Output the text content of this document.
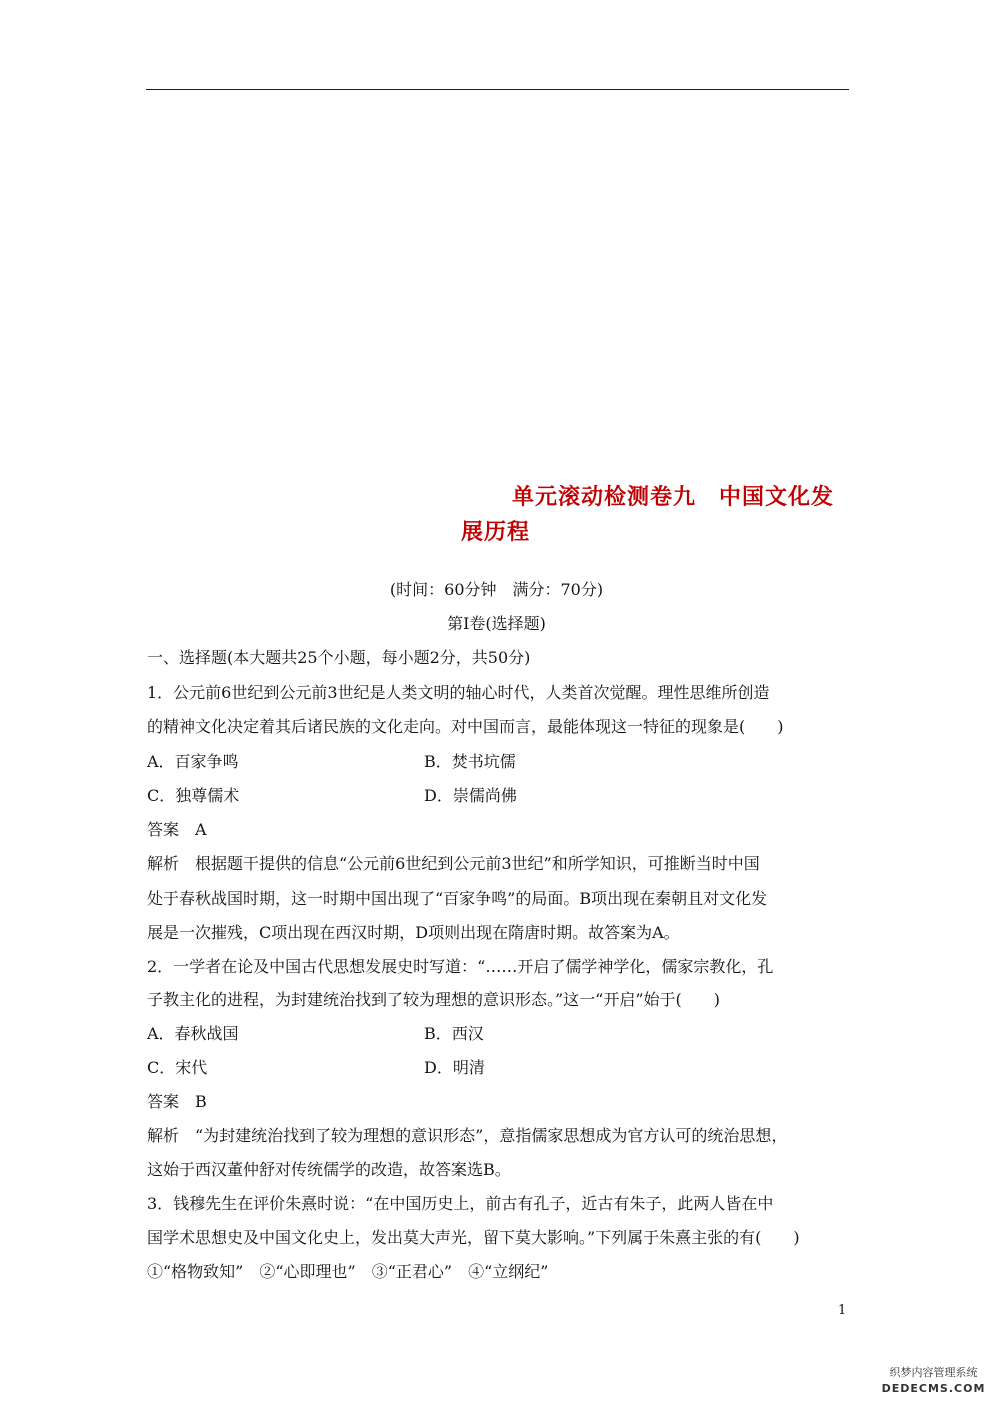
单元滚动检测卷九　中国文化发
展历程
(时间：60分钟　满分：70分)
第Ⅰ卷(选择题)
一、选择题(本大题共25个小题，每小题2分，共50分)
1．公元前6世纪到公元前3世纪是人类文明的轴心时代，人类首次觉醒。理性思维所创造
的精神文化决定着其后诸民族的文化走向。对中国而言，最能体现这一特征的现象是(　　)
A．百家争鸣	B．焚书坑儒
C．独尊儒术	D．崇儒尚佛
答案　A
解析　根据题干提供的信息“公元前6世纪到公元前3世纪”和所学知识，可推断当时中国
处于春秋战国时期，这一时期中国出现了“百家争鸣”的局面。B项出现在秦朝且对文化发
展是一次摧残，C项出现在西汉时期，D项则出现在隋唐时期。故答案为A。
2．一学者在论及中国古代思想发展史时写道：“……开启了儒学神学化，儒家宗教化，孔
子教主化的进程，为封建统治找到了较为理想的意识形态。”这一“开启”始于(　　)
A．春秋战国	B．西汉
C．宋代	D．明清
答案　B
解析　“为封建统治找到了较为理想的意识形态”，意指儒家思想成为官方认可的统治思想，
这始于西汉董仲舒对传统儒学的改造，故答案选B。
3．钱穆先生在评价朱熹时说：“在中国历史上，前古有孔子，近古有朱子，此两人皆在中
国学术思想史及中国文化史上，发出莫大声光，留下莫大影响。”下列属于朱熹主张的有(　　)
①“格物致知”　②“心即理也”　③“正君心”　④“立纲纪”
1
织梦内容管理系统
DEDECMS.COM
